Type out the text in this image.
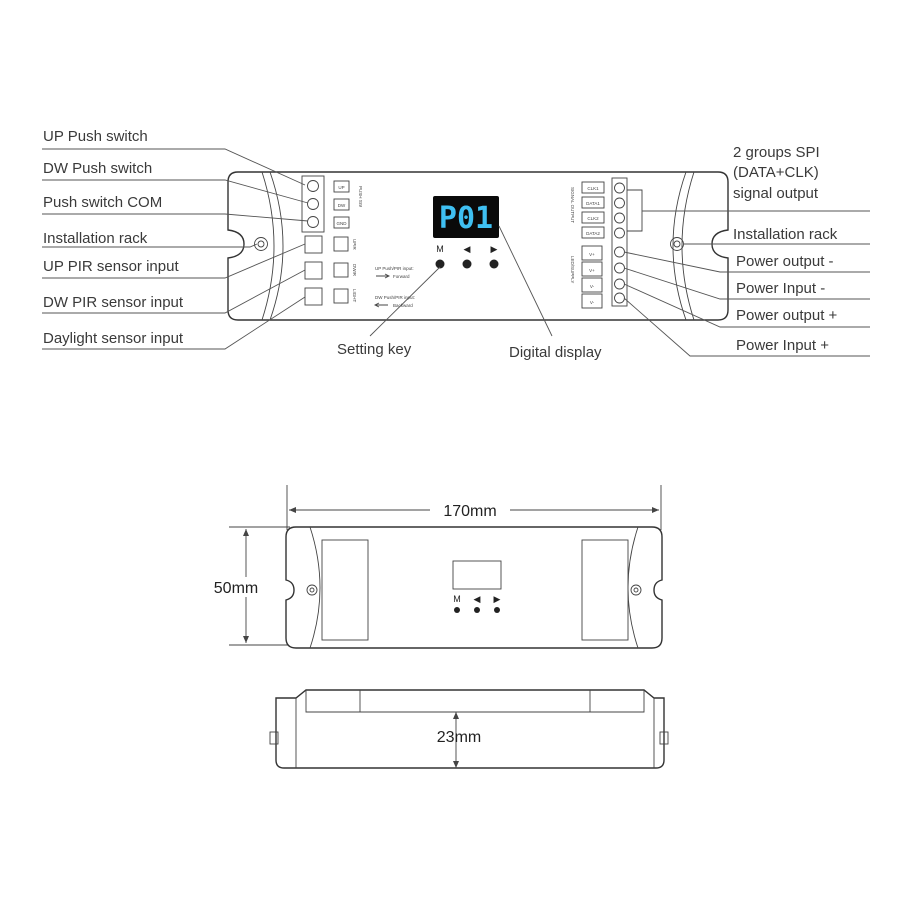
UP
DW
GND
PUSH SW
UPIR
DWIR
LIGHT
P01
M ◀ ▶
UP Push/PIR input:
Forward
DW Push/PIR input:
Backward
SIGNAL OUTPUT	CLK1
DATA1
CLK2
DATA2
LED/SUPPLY
V+
V+
V-
V-
UP Push switch
DW Push switch
Push switch COM
Installation rack
UP PIR sensor input
DW PIR sensor input
Daylight sensor input
2 groups SPI
(DATA+CLK)
signal output
Installation rack
Power output -
Power Input -
Power output +
Power Input +
Setting key	Digital display
170mm
50mm
M ◀ ▶
23mm
